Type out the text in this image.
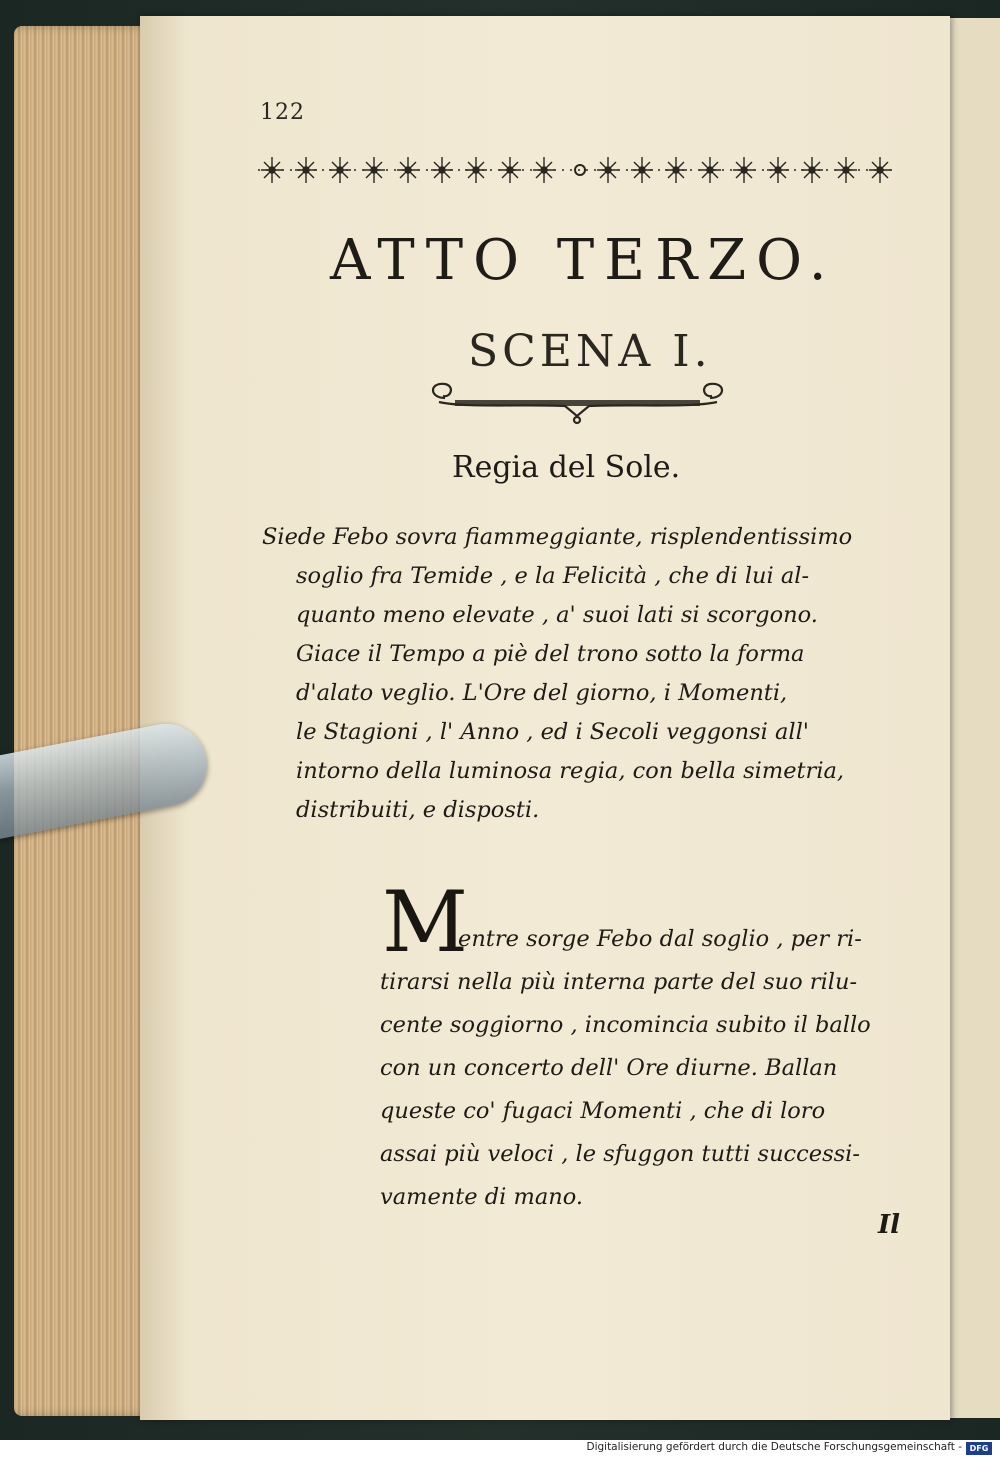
122
ATTO TERZO.
SCENA I.
Regia del Sole.
Siede Febo sovra fiammeggiante, risplendentissimo
soglio fra Temide , e la Felicità , che di lui al-
quanto meno elevate , a' suoi lati si scorgono.
Giace il Tempo a piè del trono sotto la forma
d'alato veglio. L'Ore del giorno, i Momenti,
le Stagioni , l' Anno , ed i Secoli veggonsi all'
intorno della luminosa regia, con bella simetria,
distribuiti, e disposti.
M
entre sorge Febo dal soglio , per ri-
tirarsi nella più interna parte del suo rilu-
cente soggiorno , incomincia subito il ballo
con un concerto dell' Ore diurne. Ballan
queste co' fugaci Momenti , che di loro
assai più veloci , le sfuggon tutti successi-
vamente di mano.
Il
Digitalisierung gefördert durch die Deutsche Forschungsgemeinschaft - DFG
